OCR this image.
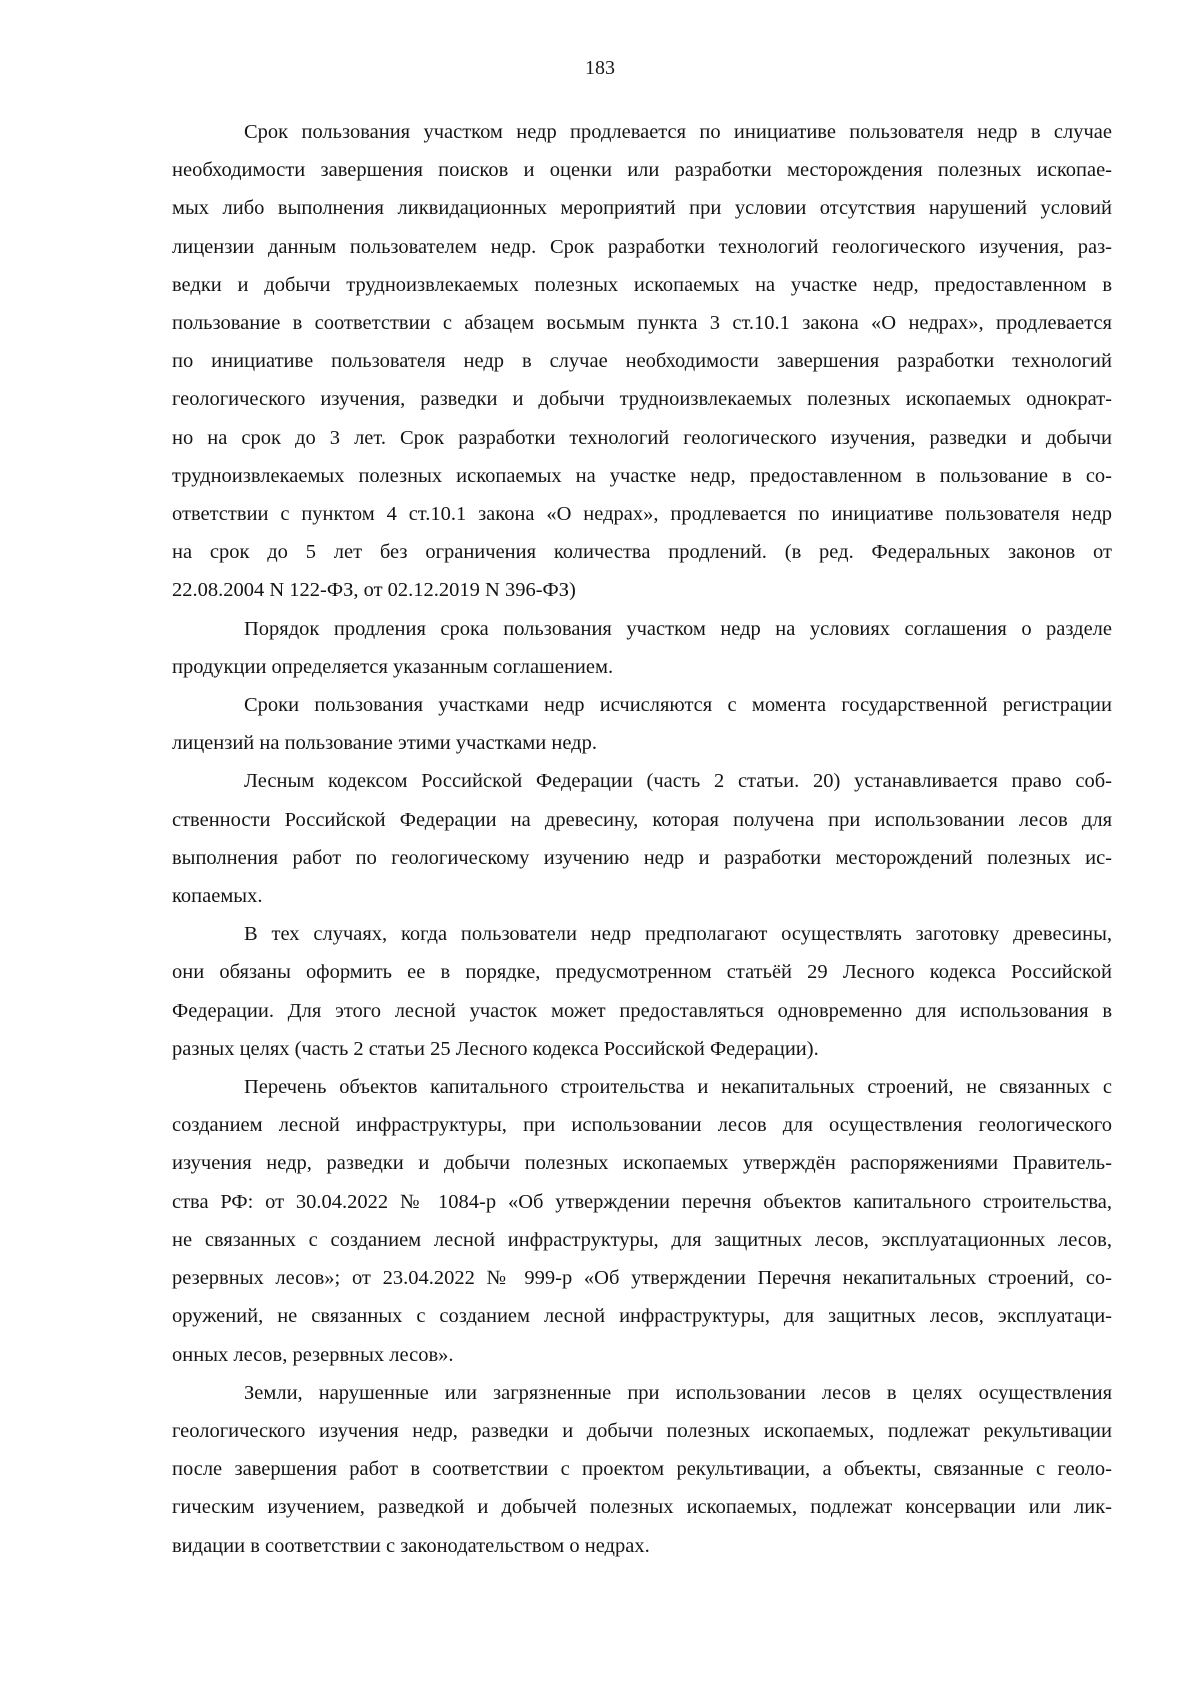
183
Срок пользования участком недр продлевается по инициативе пользователя недр в случае
необходимости завершения поисков и оценки или разработки месторождения полезных ископае-
мых либо выполнения ликвидационных мероприятий при условии отсутствия нарушений условий
лицензии данным пользователем недр. Срок разработки технологий геологического изучения, раз-
ведки и добычи трудноизвлекаемых полезных ископаемых на участке недр, предоставленном в
пользование в соответствии с абзацем восьмым пункта 3 ст.10.1 закона «О недрах», продлевается
по инициативе пользователя недр в случае необходимости завершения разработки технологий
геологического изучения, разведки и добычи трудноизвлекаемых полезных ископаемых однократ-
но на срок до 3 лет. Срок разработки технологий геологического изучения, разведки и добычи
трудноизвлекаемых полезных ископаемых на участке недр, предоставленном в пользование в со-
ответствии с пунктом 4 ст.10.1 закона «О недрах», продлевается по инициативе пользователя недр
на срок до 5 лет без ограничения количества продлений. (в ред. Федеральных законов от
22.08.2004 N 122-ФЗ, от 02.12.2019 N 396-ФЗ)
Порядок продления срока пользования участком недр на условиях соглашения о разделе
продукции определяется указанным соглашением.
Сроки пользования участками недр исчисляются с момента государственной регистрации
лицензий на пользование этими участками недр.
Лесным кодексом Российской Федерации (часть 2 статьи. 20) устанавливается право соб-
ственности Российской Федерации на древесину, которая получена при использовании лесов для
выполнения работ по геологическому изучению недр и разработки месторождений полезных ис-
копаемых.
В тех случаях, когда пользователи недр предполагают осуществлять заготовку древесины,
они обязаны оформить ее в порядке, предусмотренном статьёй 29 Лесного кодекса Российской
Федерации. Для этого лесной участок может предоставляться одновременно для использования в
разных целях (часть 2 статьи 25 Лесного кодекса Российской Федерации).
Перечень объектов капитального строительства и некапитальных строений, не связанных с
созданием лесной инфраструктуры, при использовании лесов для осуществления геологического
изучения недр, разведки и добычи полезных ископаемых утверждён распоряжениями Правитель-
ства РФ: от 30.04.2022 № 1084-р «Об утверждении перечня объектов капитального строительства,
не связанных с созданием лесной инфраструктуры, для защитных лесов, эксплуатационных лесов,
резервных лесов»; от 23.04.2022 № 999-р «Об утверждении Перечня некапитальных строений, со-
оружений, не связанных с созданием лесной инфраструктуры, для защитных лесов, эксплуатаци-
онных лесов, резервных лесов».
Земли, нарушенные или загрязненные при использовании лесов в целях осуществления
геологического изучения недр, разведки и добычи полезных ископаемых, подлежат рекультивации
после завершения работ в соответствии с проектом рекультивации, а объекты, связанные с геоло-
гическим изучением, разведкой и добычей полезных ископаемых, подлежат консервации или лик-
видации в соответствии с законодательством о недрах.
